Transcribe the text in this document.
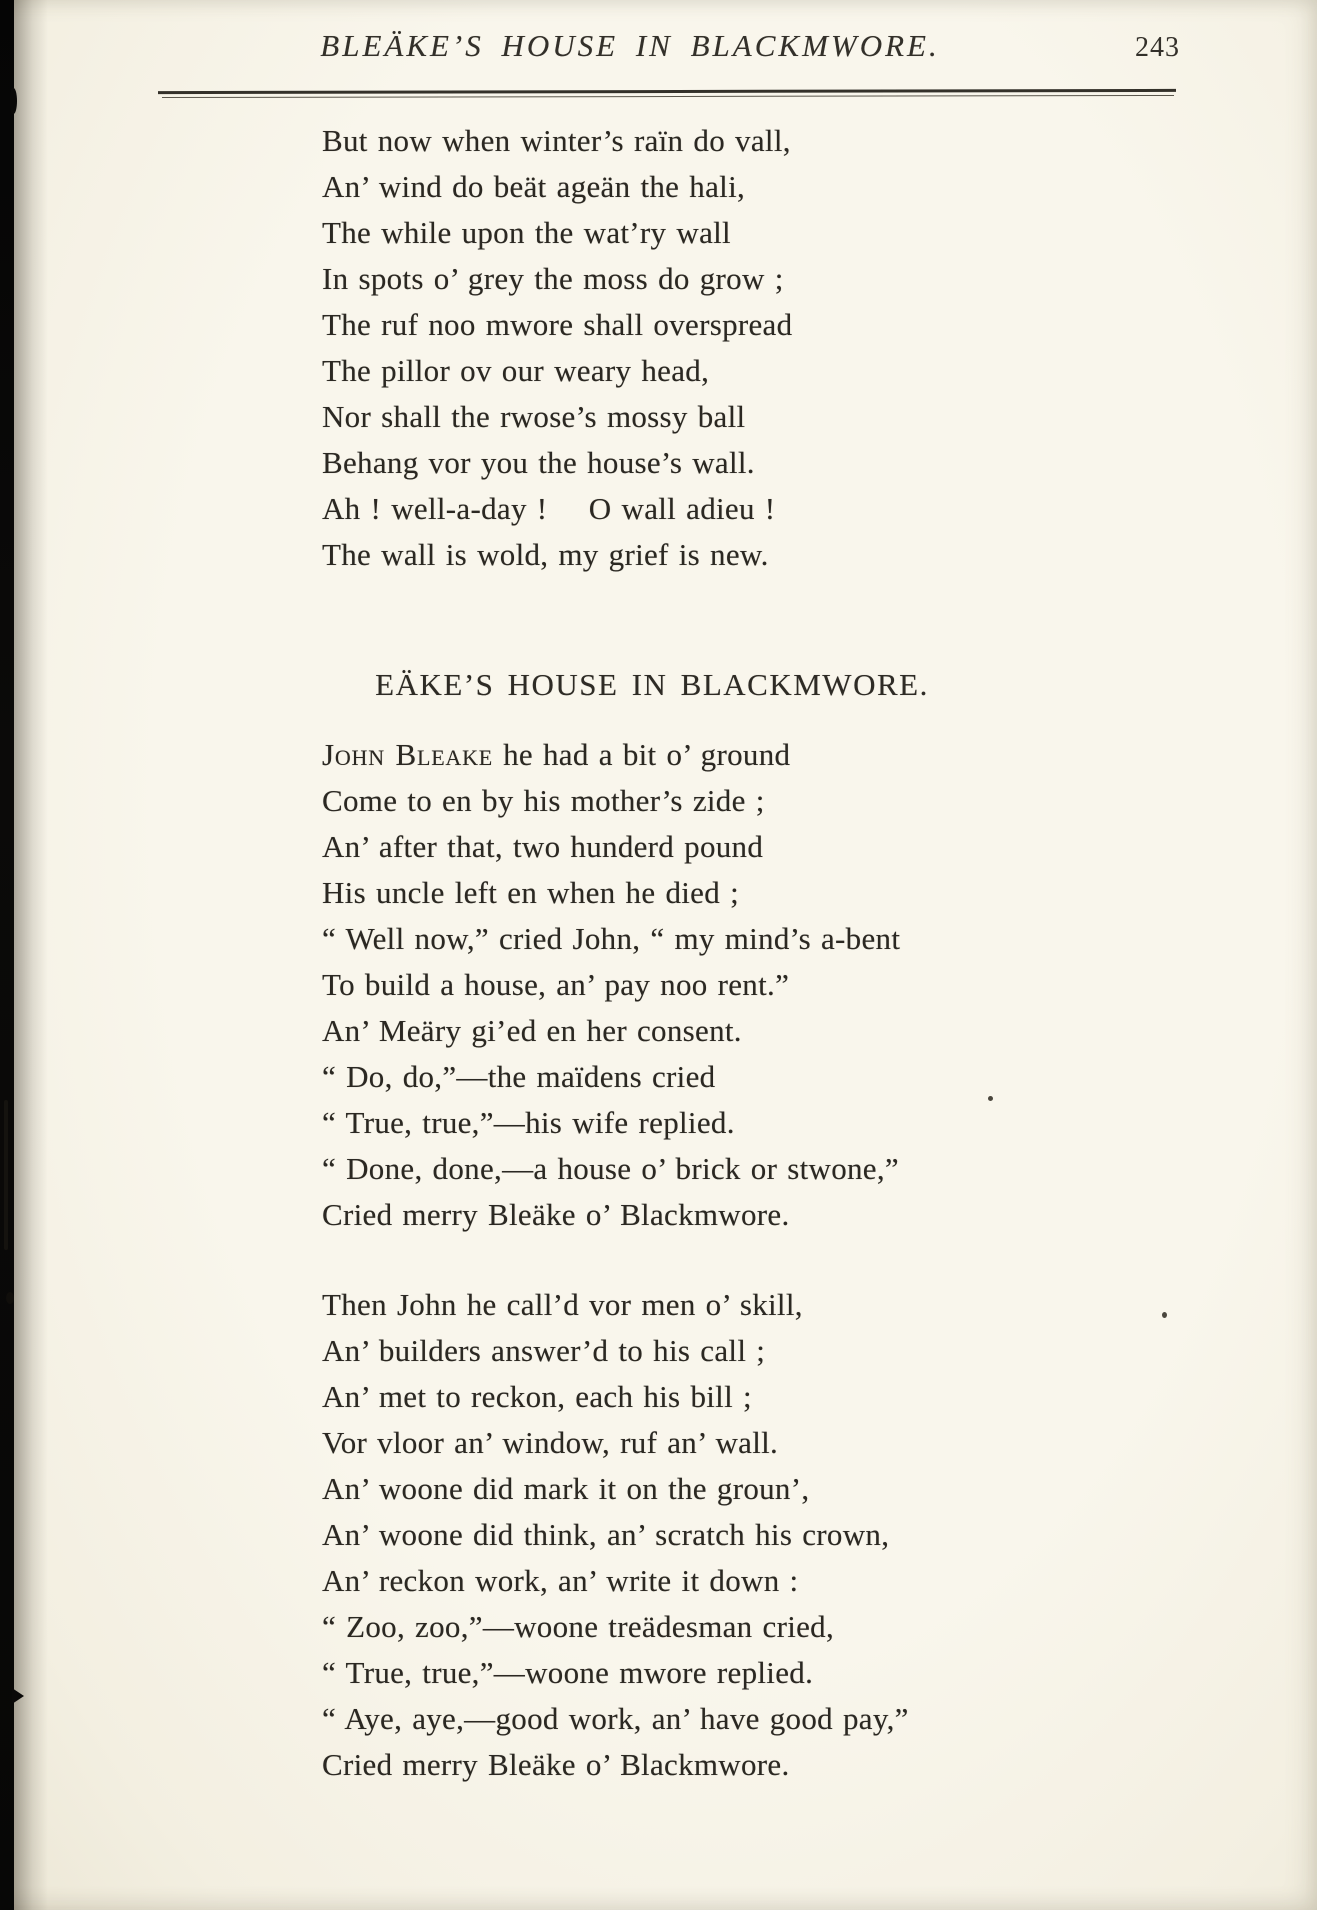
BLEÄKE’S HOUSE IN BLACKMWORE.	243
But now when winter’s raïn do vall,
An’ wind do beät ageän the hali,
The while upon the wat’ry wall
In spots o’ grey the moss do grow ;
The ruf noo mwore shall overspread
The pillor ov our weary head,
Nor shall the rwose’s mossy ball
Behang vor you the house’s wall.
Ah ! well-a-day !  O wall adieu !
The wall is wold, my grief is new.
EÄKE’S HOUSE IN BLACKMWORE.
John Bleake he had a bit o’ ground
Come to en by his mother’s zide ;
An’ after that, two hunderd pound
His uncle left en when he died ;
“ Well now,” cried John, “ my mind’s a-bent
To build a house, an’ pay noo rent.”
An’ Meäry gi’ed en her consent.
“ Do, do,”—the maïdens cried
“ True, true,”—his wife replied.
“ Done, done,—a house o’ brick or stwone,”
Cried merry Bleäke o’ Blackmwore.
Then John he call’d vor men o’ skill,
An’ builders answer’d to his call ;
An’ met to reckon, each his bill ;
Vor vloor an’ window, ruf an’ wall.
An’ woone did mark it on the groun’,
An’ woone did think, an’ scratch his crown,
An’ reckon work, an’ write it down :
“ Zoo, zoo,”—woone treädesman cried,
“ True, true,”—woone mwore replied.
“ Aye, aye,—good work, an’ have good pay,”
Cried merry Bleäke o’ Blackmwore.
